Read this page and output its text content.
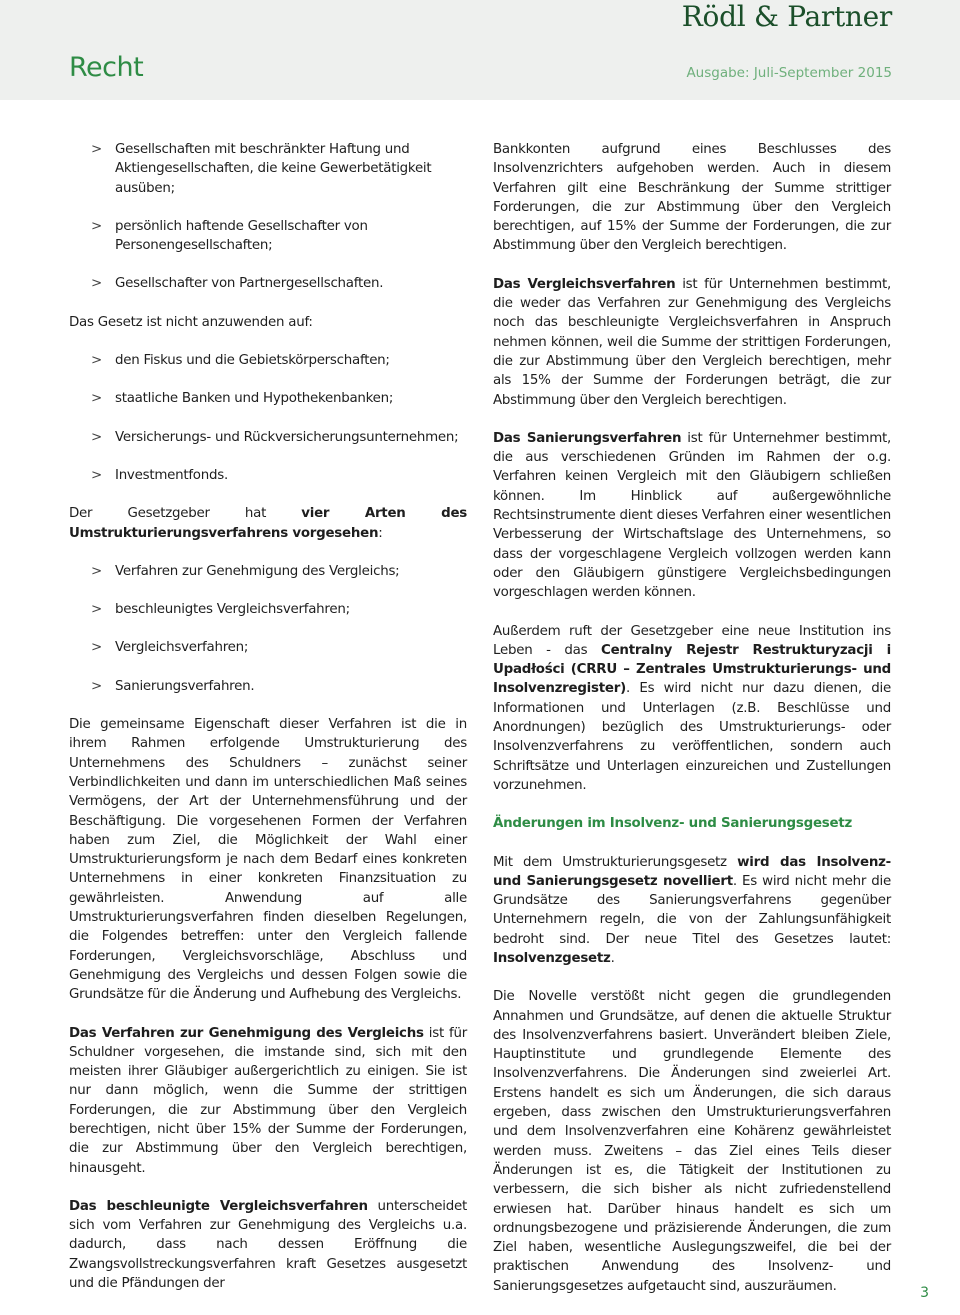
Rödl & Partner
Recht	Ausgabe: Juli-September 2015
> Gesellschaften mit beschränkter Haftung und Aktiengesellschaften, die keine Gewerbetätigkeit ausüben;
> persönlich haftende Gesellschafter von Personengesellschaften;
> Gesellschafter von Partnergesellschaften.

Das Gesetz ist nicht anzuwenden auf:

> den Fiskus und die Gebietskörperschaften;
> staatliche Banken und Hypothekenbanken;
> Versicherungs- und Rückversicherungsunternehmen;
> Investmentfonds.

Der Gesetzgeber hat vier Arten des Umstrukturierungsverfahrens vorgesehen:

> Verfahren zur Genehmigung des Vergleichs;
> beschleunigtes Vergleichsverfahren;
> Vergleichsverfahren;
> Sanierungsverfahren.

Die gemeinsame Eigenschaft dieser Verfahren ist die in ihrem Rahmen erfolgende Umstrukturierung des Unternehmens des Schuldners – zunächst seiner Verbindlichkeiten und dann im unterschiedlichen Maß seines Vermögens, der Art der Unternehmensführung und der Beschäftigung. Die vorgesehenen Formen der Verfahren haben zum Ziel, die Möglichkeit der Wahl einer Umstrukturierungsform je nach dem Bedarf eines konkreten Unternehmens in einer konkreten Finanzsituation zu gewährleisten. Anwendung auf alle Umstrukturierungsverfahren finden dieselben Regelungen, die Folgendes betreffen: unter den Vergleich fallende Forderungen, Vergleichsvorschläge, Abschluss und Genehmigung des Vergleichs und dessen Folgen sowie die Grundsätze für die Änderung und Aufhebung des Vergleichs.

Das Verfahren zur Genehmigung des Vergleichs ist für Schuldner vorgesehen, die imstande sind, sich mit den meisten ihrer Gläubiger außergerichtlich zu einigen. Sie ist nur dann möglich, wenn die Summe der strittigen Forderungen, die zur Abstimmung über den Vergleich berechtigen, nicht über 15% der Summe der Forderungen, die zur Abstimmung über den Vergleich berechtigen, hinausgeht.

Das beschleunigte Vergleichsverfahren unterscheidet sich vom Verfahren zur Genehmigung des Vergleichs u.a. dadurch, dass nach dessen Eröffnung die Zwangsvollstreckungsverfahren kraft Gesetzes ausgesetzt und die Pfändungen der

Bankkonten aufgrund eines Beschlusses des Insolvenzrichters aufgehoben werden. Auch in diesem Verfahren gilt eine Beschränkung der Summe strittiger Forderungen, die zur Abstimmung über den Vergleich berechtigen, auf 15% der Summe der Forderungen, die zur Abstimmung über den Vergleich berechtigen.

Das Vergleichsverfahren ist für Unternehmen bestimmt, die weder das Verfahren zur Genehmigung des Vergleichs noch das beschleunigte Vergleichsverfahren in Anspruch nehmen können, weil die Summe der strittigen Forderungen, die zur Abstimmung über den Vergleich berechtigen, mehr als 15% der Summe der Forderungen beträgt, die zur Abstimmung über den Vergleich berechtigen.

Das Sanierungsverfahren ist für Unternehmer bestimmt, die aus verschiedenen Gründen im Rahmen der o.g. Verfahren keinen Vergleich mit den Gläubigern schließen können. Im Hinblick auf außergewöhnliche Rechtsinstrumente dient dieses Verfahren einer wesentlichen Verbesserung der Wirtschaftslage des Unternehmens, so dass der vorgeschlagene Vergleich vollzogen werden kann oder den Gläubigern günstigere Vergleichsbedingungen vorgeschlagen werden können.

Außerdem ruft der Gesetzgeber eine neue Institution ins Leben - das Centralny Rejestr Restrukturyzacji i Upadłości (CRRU – Zentrales Umstrukturierungs- und Insolvenzregister). Es wird nicht nur dazu dienen, die Informationen und Unterlagen (z.B. Beschlüsse und Anordnungen) bezüglich des Umstrukturierungs- oder Insolvenzverfahrens zu veröffentlichen, sondern auch Schriftsätze und Unterlagen einzureichen und Zustellungen vorzunehmen.

Änderungen im Insolvenz- und Sanierungsgesetz

Mit dem Umstrukturierungsgesetz wird das Insolvenz- und Sanierungsgesetz novelliert. Es wird nicht mehr die Grundsätze des Sanierungsverfahrens gegenüber Unternehmern regeln, die von der Zahlungsunfähigkeit bedroht sind. Der neue Titel des Gesetzes lautet: Insolvenzgesetz.

Die Novelle verstößt nicht gegen die grundlegenden Annahmen und Grundsätze, auf denen die aktuelle Struktur des Insolvenzverfahrens basiert. Unverändert bleiben Ziele, Hauptinstitute und grundlegende Elemente des Insolvenzverfahrens. Die Änderungen sind zweierlei Art. Erstens handelt es sich um Änderungen, die sich daraus ergeben, dass zwischen den Umstrukturierungsverfahren und dem Insolvenzverfahren eine Kohärenz gewährleistet werden muss. Zweitens – das Ziel eines Teils dieser Änderungen ist es, die Tätigkeit der Institutionen zu verbessern, die sich bisher als nicht zufriedenstellend erwiesen hat. Darüber hinaus handelt es sich um ordnungsbezogene und präzisierende Änderungen, die zum Ziel haben, wesentliche Auslegungszweifel, die bei der praktischen Anwendung des Insolvenz- und Sanierungsgesetzes aufgetaucht sind, auszuräumen.	3
